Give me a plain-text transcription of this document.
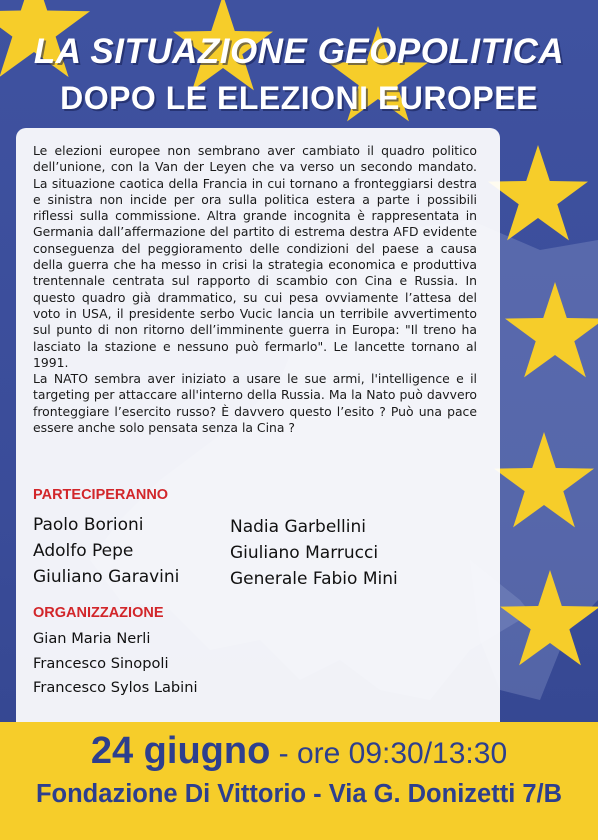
LA SITUAZIONE GEOPOLITICA
DOPO LE ELEZIONI EUROPEE

Le elezioni europee non sembrano aver cambiato il quadro politico dell’unione, con la Van der Leyen che va verso un secondo mandato. La situazione caotica della Francia in cui tornano a fronteggiarsi destra e sinistra non incide per ora sulla politica estera a parte i possibili riflessi sulla commissione. Altra grande incognita è rappresentata in Germania dall’affermazione del partito di estrema destra AFD evidente conseguenza del peggioramento delle condizioni del paese a causa della guerra che ha messo in crisi la strategia economica e produttiva trentennale centrata sul rapporto di scambio con Cina e Russia. In questo quadro già drammatico, su cui pesa ovviamente l’attesa del voto in USA, il presidente serbo Vucic lancia un terribile avvertimento sul punto di non ritorno dell’imminente guerra in Europa: "Il treno ha lasciato la stazione e nessuno può fermarlo". Le lancette tornano al 1991.

La NATO sembra aver iniziato a usare le sue armi, l'intelligence e il targeting per attaccare all'interno della Russia. Ma la Nato può davvero fronteggiare l’esercito russo? È davvero questo l’esito ? Può una pace essere anche solo pensata senza la Cina ?

PARTECIPERANNO
Paolo Borioni
Adolfo Pepe
Giuliano Garavini
Nadia Garbellini
Giuliano Marrucci
Generale Fabio Mini
ORGANIZZAZIONE
Gian Maria Nerli
Francesco Sinopoli
Francesco Sylos Labini
24 giugno - ore 09:30/13:30
Fondazione Di Vittorio - Via G. Donizetti 7/B
